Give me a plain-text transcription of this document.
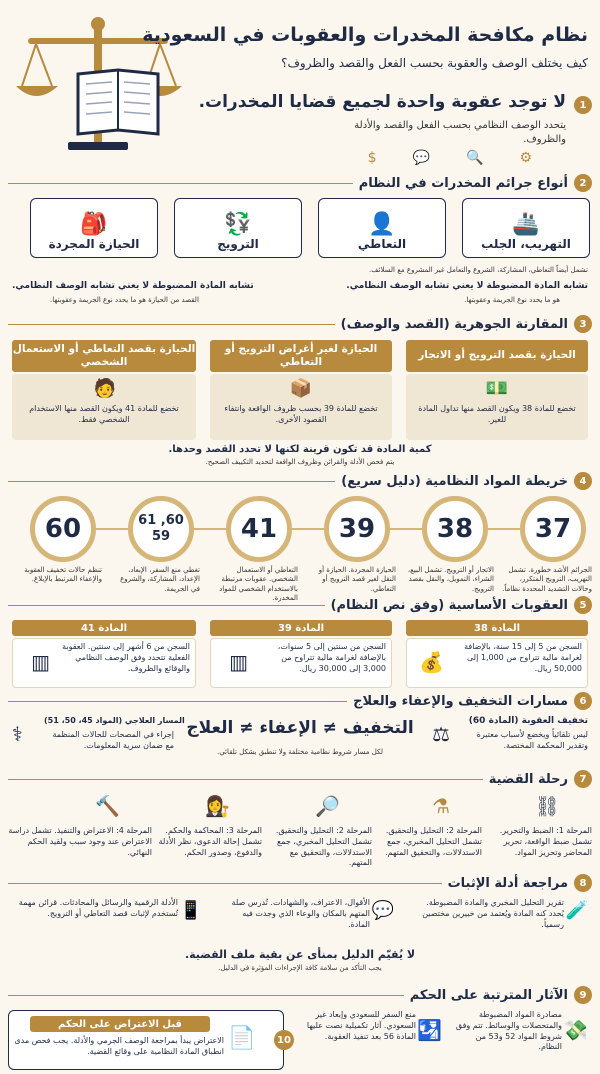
نظام مكافحة المخدرات والعقوبات في السعودية
كيف يختلف الوصف والعقوبة بحسب الفعل والقصد والظروف؟
1
لا توجد عقوبة واحدة لجميع قضايا المخدرات.
يتحدد الوصف النظامي بحسب الفعل والقصد والأدلة
والظروف.
⚙
🔍
💬
$
2
أنواع جرائم المخدرات في النظام
🚢
التهريب، الجلب
👤
التعاطي
💱
الترويج
🎒
الحيازة المجردة
تشمل أيضاً التعاطي، المشاركة، الشروع والتعامل غير المشروع مع السلائف.
تشابه المادة المضبوطة لا يعني تشابه الوصف النظامي.
هو ما يحدد نوع الجريمة وعقوبتها.
تشابه المادة المضبوطة لا يعني تشابه الوصف النظامي.
القصد من الحيازة هو ما يحدد نوع الجريمة وعقوبتها.
3
المقارنة الجوهرية (القصد والوصف)
الحيازة بقصد الترويج أو الاتجار
الحيازة لغير أغراض الترويج أو التعاطي
الحيازة بقصد التعاطي أو الاستعمال الشخصي
💵
📦
🧑
تخضع للمادة 38 ويكون القصد منها تداول المادة للغير.
تخضع للمادة 39 بحسب ظروف الواقعة وانتفاء القصود الأخرى.
تخضع للمادة 41 ويكون القصد منها الاستخدام الشخصي فقط.
كمية المادة قد تكون قرينة لكنها لا تحدد القصد وحدها.
يتم فحص الأدلة والقرائن وظروف الواقعة لتحديد التكييف الصحيح.
4
خريطة المواد النظامية (دليل سريع)
37
38
39
41
60, 61
59
60
الجرائم الأشد خطورة. تشمل التهريب، الترويج المتكرر، وحالات التشديد المحددة نظاماً.
الاتجار أو الترويج. تشمل البيع، الشراء، التمويل، والنقل بقصد الترويج.
الحيازة المجردة. الحيازة أو النقل لغير قصد الترويج أو التعاطي.
التعاطي أو الاستعمال الشخصي. عقوبات مرتبطة بالاستخدام الشخصي للمواد المخدرة.
تغطي منع السفر، الإبعاد، الإعداد، المشاركة، والشروع في الجريمة.
تنظم حالات تخفيف العقوبة والإعفاء المرتبط بالإبلاغ.
5
العقوبات الأساسية (وفق نص النظام)
المادة 38
المادة 39
المادة 41
السجن من 5 إلى 15 سنة، بالإضافة لغرامة مالية تتراوح من 1,000 إلى 50,000 ريال.
💰
السجن من سنتين إلى 5 سنوات، بالإضافة لغرامة مالية تتراوح من 3,000 إلى 30,000 ريال.
▥
السجن من 6 أشهر إلى سنتين. العقوبة الفعلية تتحدد وفق الوصف النظامي والوقائع والظروف.
▥
6
مسارات التخفيف والإعفاء والعلاج
تخفيف العقوبة (المادة 60)
ليس تلقائياً ويخضع لأسباب معتبرة وتقدير المحكمة المختصة.
⚖
التخفيف ≠ الإعفاء ≠ العلاج
لكل مسار شروط نظامية مختلفة ولا تنطبق بشكل تلقائي.
المسار العلاجي (المواد 45، 50، 51)
إجراء في المصحات للحالات المنظمة مع ضمان سرية المعلومات.
⚕
7
رحلة القضية
⛓
⚗
🔎
👩‍⚖
🔨
المرحلة 1: الضبط والتحرير. تشمل ضبط الواقعة، تحرير المحاضر وتحريز المواد.
المرحلة 2: التحليل والتحقيق. تشمل التحليل المخبري، جمع الاستدلالات، والتحقيق المتهم.
المرحلة 2: التحليل والتحقيق. تشمل التحليل المخبري، جمع الاستدلالات، والتحقيق مع المتهم.
المرحلة 3: المحاكمة والحكم. تشمل إحالة الدعوى، نظر الأدلة والدفوع، وصدور الحكم.
المرحلة 4: الاعتراض والتنفيذ. تشمل دراسة الاعتراض عند وجود سبب ولقيد الحكم النهائي.
8
مراجعة أدلة الإثبات
🧪
تقرير التحليل المخبري والمادة المضبوطة. يُحدد كنه المادة ويُعتمد من خبيرين مختصين رسمياً.
💬
الأقوال، الاعتراف، والشهادات. تُدرس صلة المتهم بالمكان والوعاء الذي وجدت فيه المادة.
📱
الأدلة الرقمية والرسائل والمحادثات. قرائن مهمة تُستخدم لإثبات قصد التعاطي أو الترويج.
لا يُقيّم الدليل بمنأى عن بقية ملف القضية.
يجب التأكد من سلامة كافة الإجراءات المؤثرة في الدليل.
9
الآثار المترتبة على الحكم
💸
مصادرة المواد المضبوطة والمتحصلات والوسائط. تتم وفق شروط المواد 52 و53 من النظام.
🛂
منع السفر للسعودي وإبعاد غير السعودي. آثار تكميلية نصت عليها المادة 56 بعد تنفيذ العقوبة.
10
📄
قبل الاعتراض على الحكم
الاعتراض يبدأ بمراجعة الوصف الجرمي والأدلة. يجب فحص مدى انطباق المادة النظامية على وقائع القضية.
